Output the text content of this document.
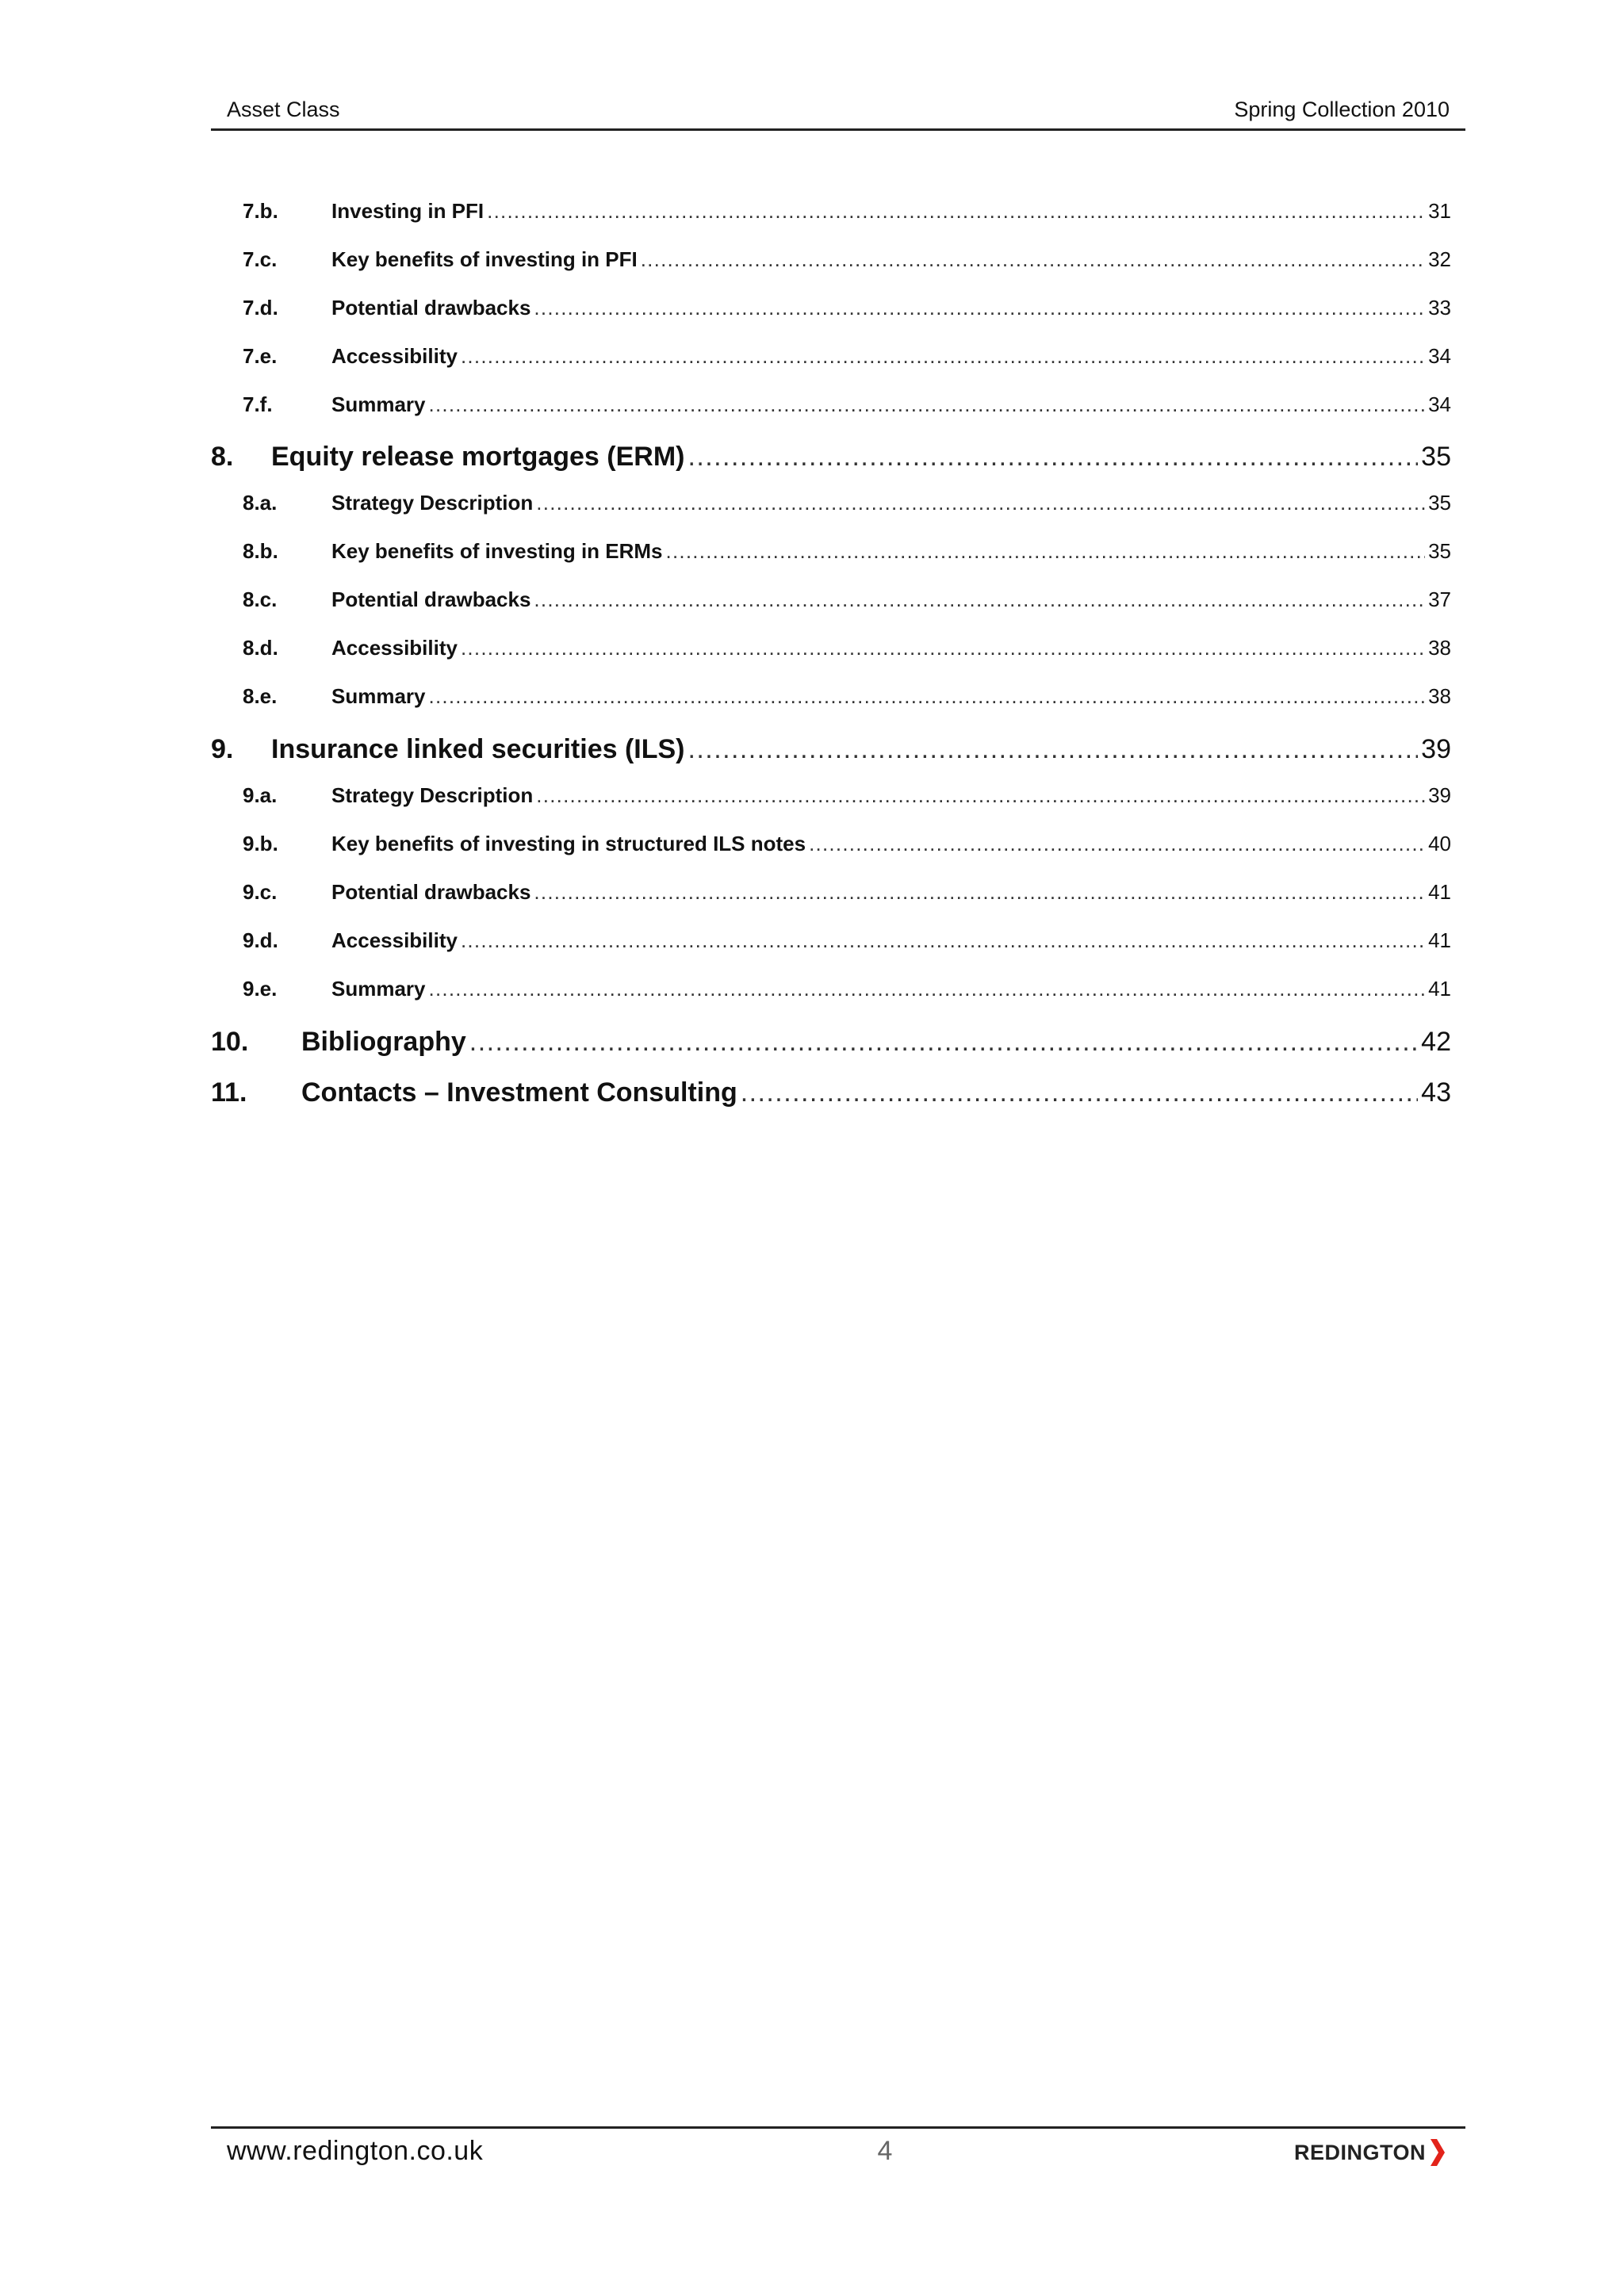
Asset Class	Spring Collection 2010
7.b.	Investing in PFI . . .	31
7.c.	Key benefits of investing in PFI . . .	32
7.d.	Potential drawbacks . . .	33
7.e.	Accessibility . . .	34
7.f.	Summary . . .	34
8.	Equity release mortgages (ERM) . . .	35
8.a.	Strategy Description . . .	35
8.b.	Key benefits of investing in ERMs . . .	35
8.c.	Potential drawbacks . . .	37
8.d.	Accessibility . . .	38
8.e.	Summary . . .	38
9.	Insurance linked securities (ILS) . . .	39
9.a.	Strategy Description . . .	39
9.b.	Key benefits of investing in structured ILS notes . . .	40
9.c.	Potential drawbacks . . .	41
9.d.	Accessibility . . .	41
9.e.	Summary . . .	41
10.	Bibliography . . .	42
11.	Contacts – Investment Consulting . . .	43
www.redington.co.uk	4	REDINGTON
